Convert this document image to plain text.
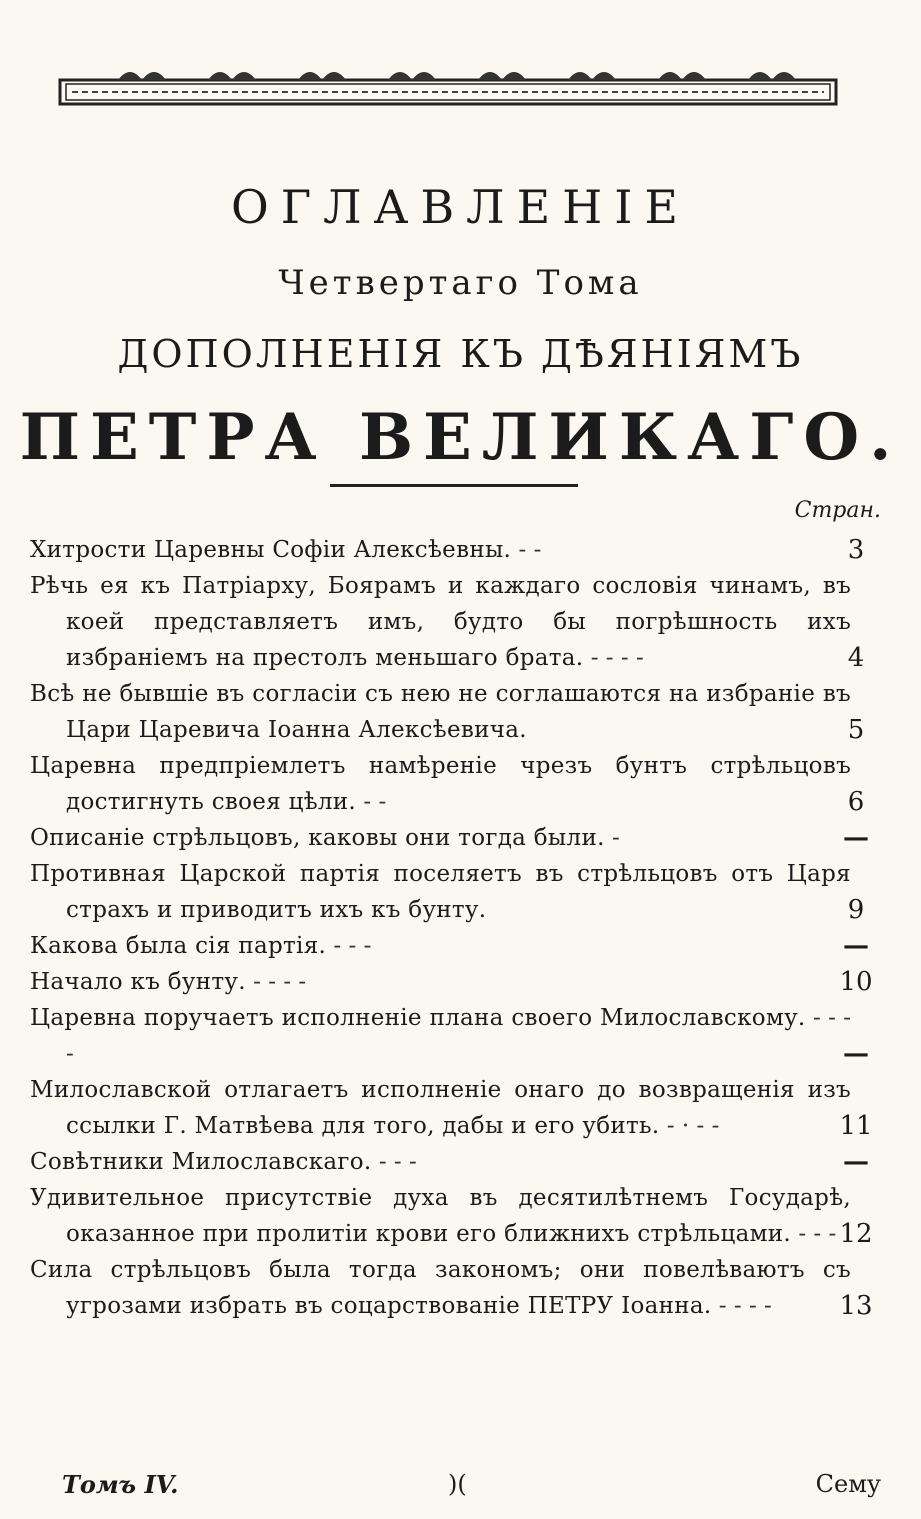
ОГЛАВЛЕНІЕ
Четвертаго Тома
ДОПОЛНЕНІЯ КЪ ДѢЯНІЯМЪ
ПЕТРА ВЕЛИКАГО.
Стран.
Хитрости Царевны Софіи Алексѣевны. - -	3
Рѣчь ея къ Патріарху, Боярамъ и каждаго сословія чинамъ, въ коей представляетъ имъ, будто бы погрѣшность ихъ избраніемъ на престолъ меньшаго брата. - - - -	4
Всѣ не бывшіе въ согласіи съ нею не соглашаются на избраніе въ Цари Царевича Іоанна Алексѣевича.	5
Царевна предпріемлетъ намѣреніе чрезъ бунтъ стрѣльцовъ достигнуть своея цѣли. - -	6
Описаніе стрѣльцовъ, каковы они тогда были. -	—
Противная Царской партія поселяетъ въ стрѣльцовъ отъ Царя страхъ и приводитъ ихъ къ бунту.	9
Какова была сія партія. - - -	—
Начало къ бунту. - - - -	10
Царевна поручаетъ исполненіе плана своего Милославскому. - - - -	—
Милославской отлагаетъ исполненіе онаго до возвращенія изъ ссылки Г. Матвѣева для того, дабы и его убить. - · - -	11
Совѣтники Милославскаго. - - -	—
Удивительное присутствіе духа въ десятилѣтнемъ Государѣ, оказанное при пролитіи крови его ближнихъ стрѣльцами. - - - 12
Сила стрѣльцовъ была тогда закономъ; они повелѣваютъ съ угрозами избрать въ соцарствованіе ПЕТРУ Іоанна. - - - -	13
Томъ IV.	)(	Сему
